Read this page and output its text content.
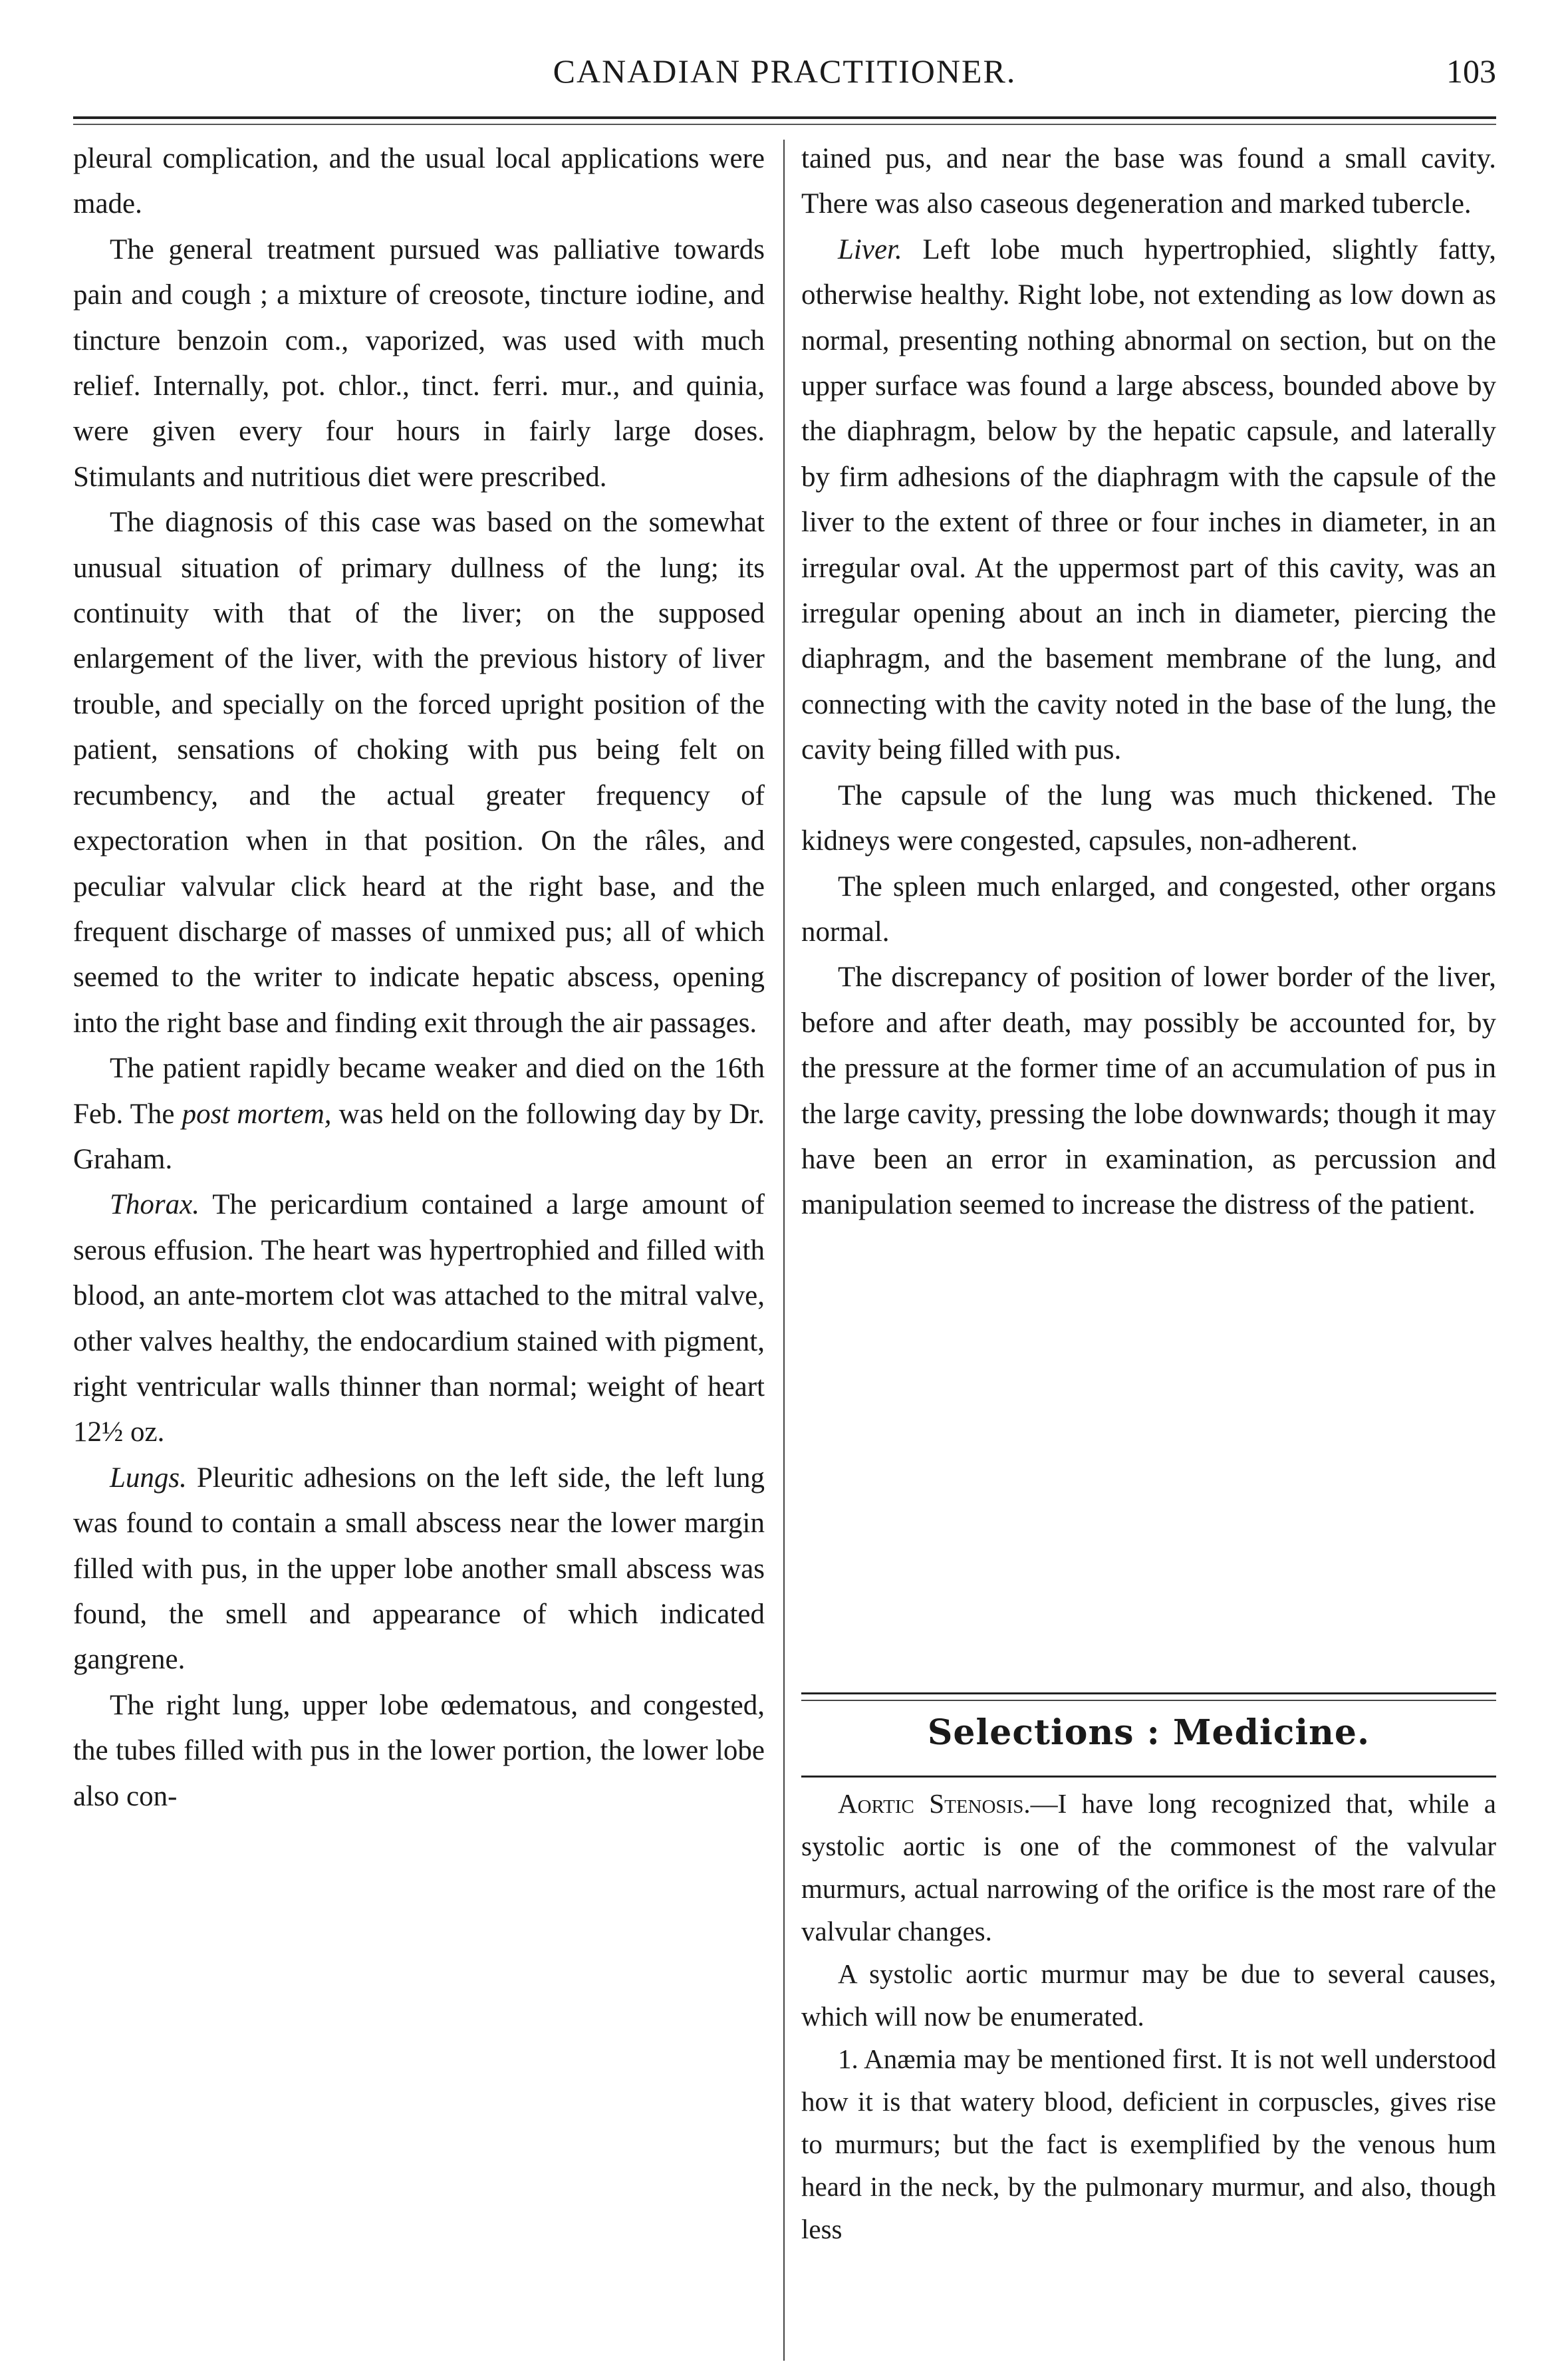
CANADIAN PRACTITIONER.	103

pleural complication, and the usual local applications were made.

The general treatment pursued was palliative towards pain and cough ; a mixture of creosote, tincture iodine, and tincture benzoin com., vaporized, was used with much relief. Internally, pot. chlor., tinct. ferri. mur., and quinia, were given every four hours in fairly large doses. Stimulants and nutritious diet were prescribed.

The diagnosis of this case was based on the somewhat unusual situation of primary dullness of the lung; its continuity with that of the liver; on the supposed enlargement of the liver, with the previous history of liver trouble, and specially on the forced upright position of the patient, sensations of choking with pus being felt on recumbency, and the actual greater frequency of expectoration when in that position. On the râles, and peculiar valvular click heard at the right base, and the frequent discharge of masses of unmixed pus; all of which seemed to the writer to indicate hepatic abscess, opening into the right base and finding exit through the air passages.

The patient rapidly became weaker and died on the 16th Feb. The post mortem, was held on the following day by Dr. Graham.

Thorax. The pericardium contained a large amount of serous effusion. The heart was hypertrophied and filled with blood, an ante-mortem clot was attached to the mitral valve, other valves healthy, the endocardium stained with pigment, right ventricular walls thinner than normal; weight of heart 12½ oz.

Lungs. Pleuritic adhesions on the left side, the left lung was found to contain a small abscess near the lower margin filled with pus, in the upper lobe another small abscess was found, the smell and appearance of which indicated gangrene.

The right lung, upper lobe œdematous, and congested, the tubes filled with pus in the lower portion, the lower lobe also con-

tained pus, and near the base was found a small cavity. There was also caseous degeneration and marked tubercle.

Liver. Left lobe much hypertrophied, slightly fatty, otherwise healthy. Right lobe, not extending as low down as normal, presenting nothing abnormal on section, but on the upper surface was found a large abscess, bounded above by the diaphragm, below by the hepatic capsule, and laterally by firm adhesions of the diaphragm with the capsule of the liver to the extent of three or four inches in diameter, in an irregular oval. At the uppermost part of this cavity, was an irregular opening about an inch in diameter, piercing the diaphragm, and the basement membrane of the lung, and connecting with the cavity noted in the base of the lung, the cavity being filled with pus.

The capsule of the lung was much thickened. The kidneys were congested, capsules, non-adherent.

The spleen much enlarged, and congested, other organs normal.

The discrepancy of position of lower border of the liver, before and after death, may possibly be accounted for, by the pressure at the former time of an accumulation of pus in the large cavity, pressing the lobe downwards; though it may have been an error in examination, as percussion and manipulation seemed to increase the distress of the patient.

Selections : Medicine.

Aortic Stenosis.—I have long recognized that, while a systolic aortic is one of the commonest of the valvular murmurs, actual narrowing of the orifice is the most rare of the valvular changes.

A systolic aortic murmur may be due to several causes, which will now be enumerated.

1. Anæmia may be mentioned first. It is not well understood how it is that watery blood, deficient in corpuscles, gives rise to murmurs; but the fact is exemplified by the venous hum heard in the neck, by the pulmonary murmur, and also, though less
